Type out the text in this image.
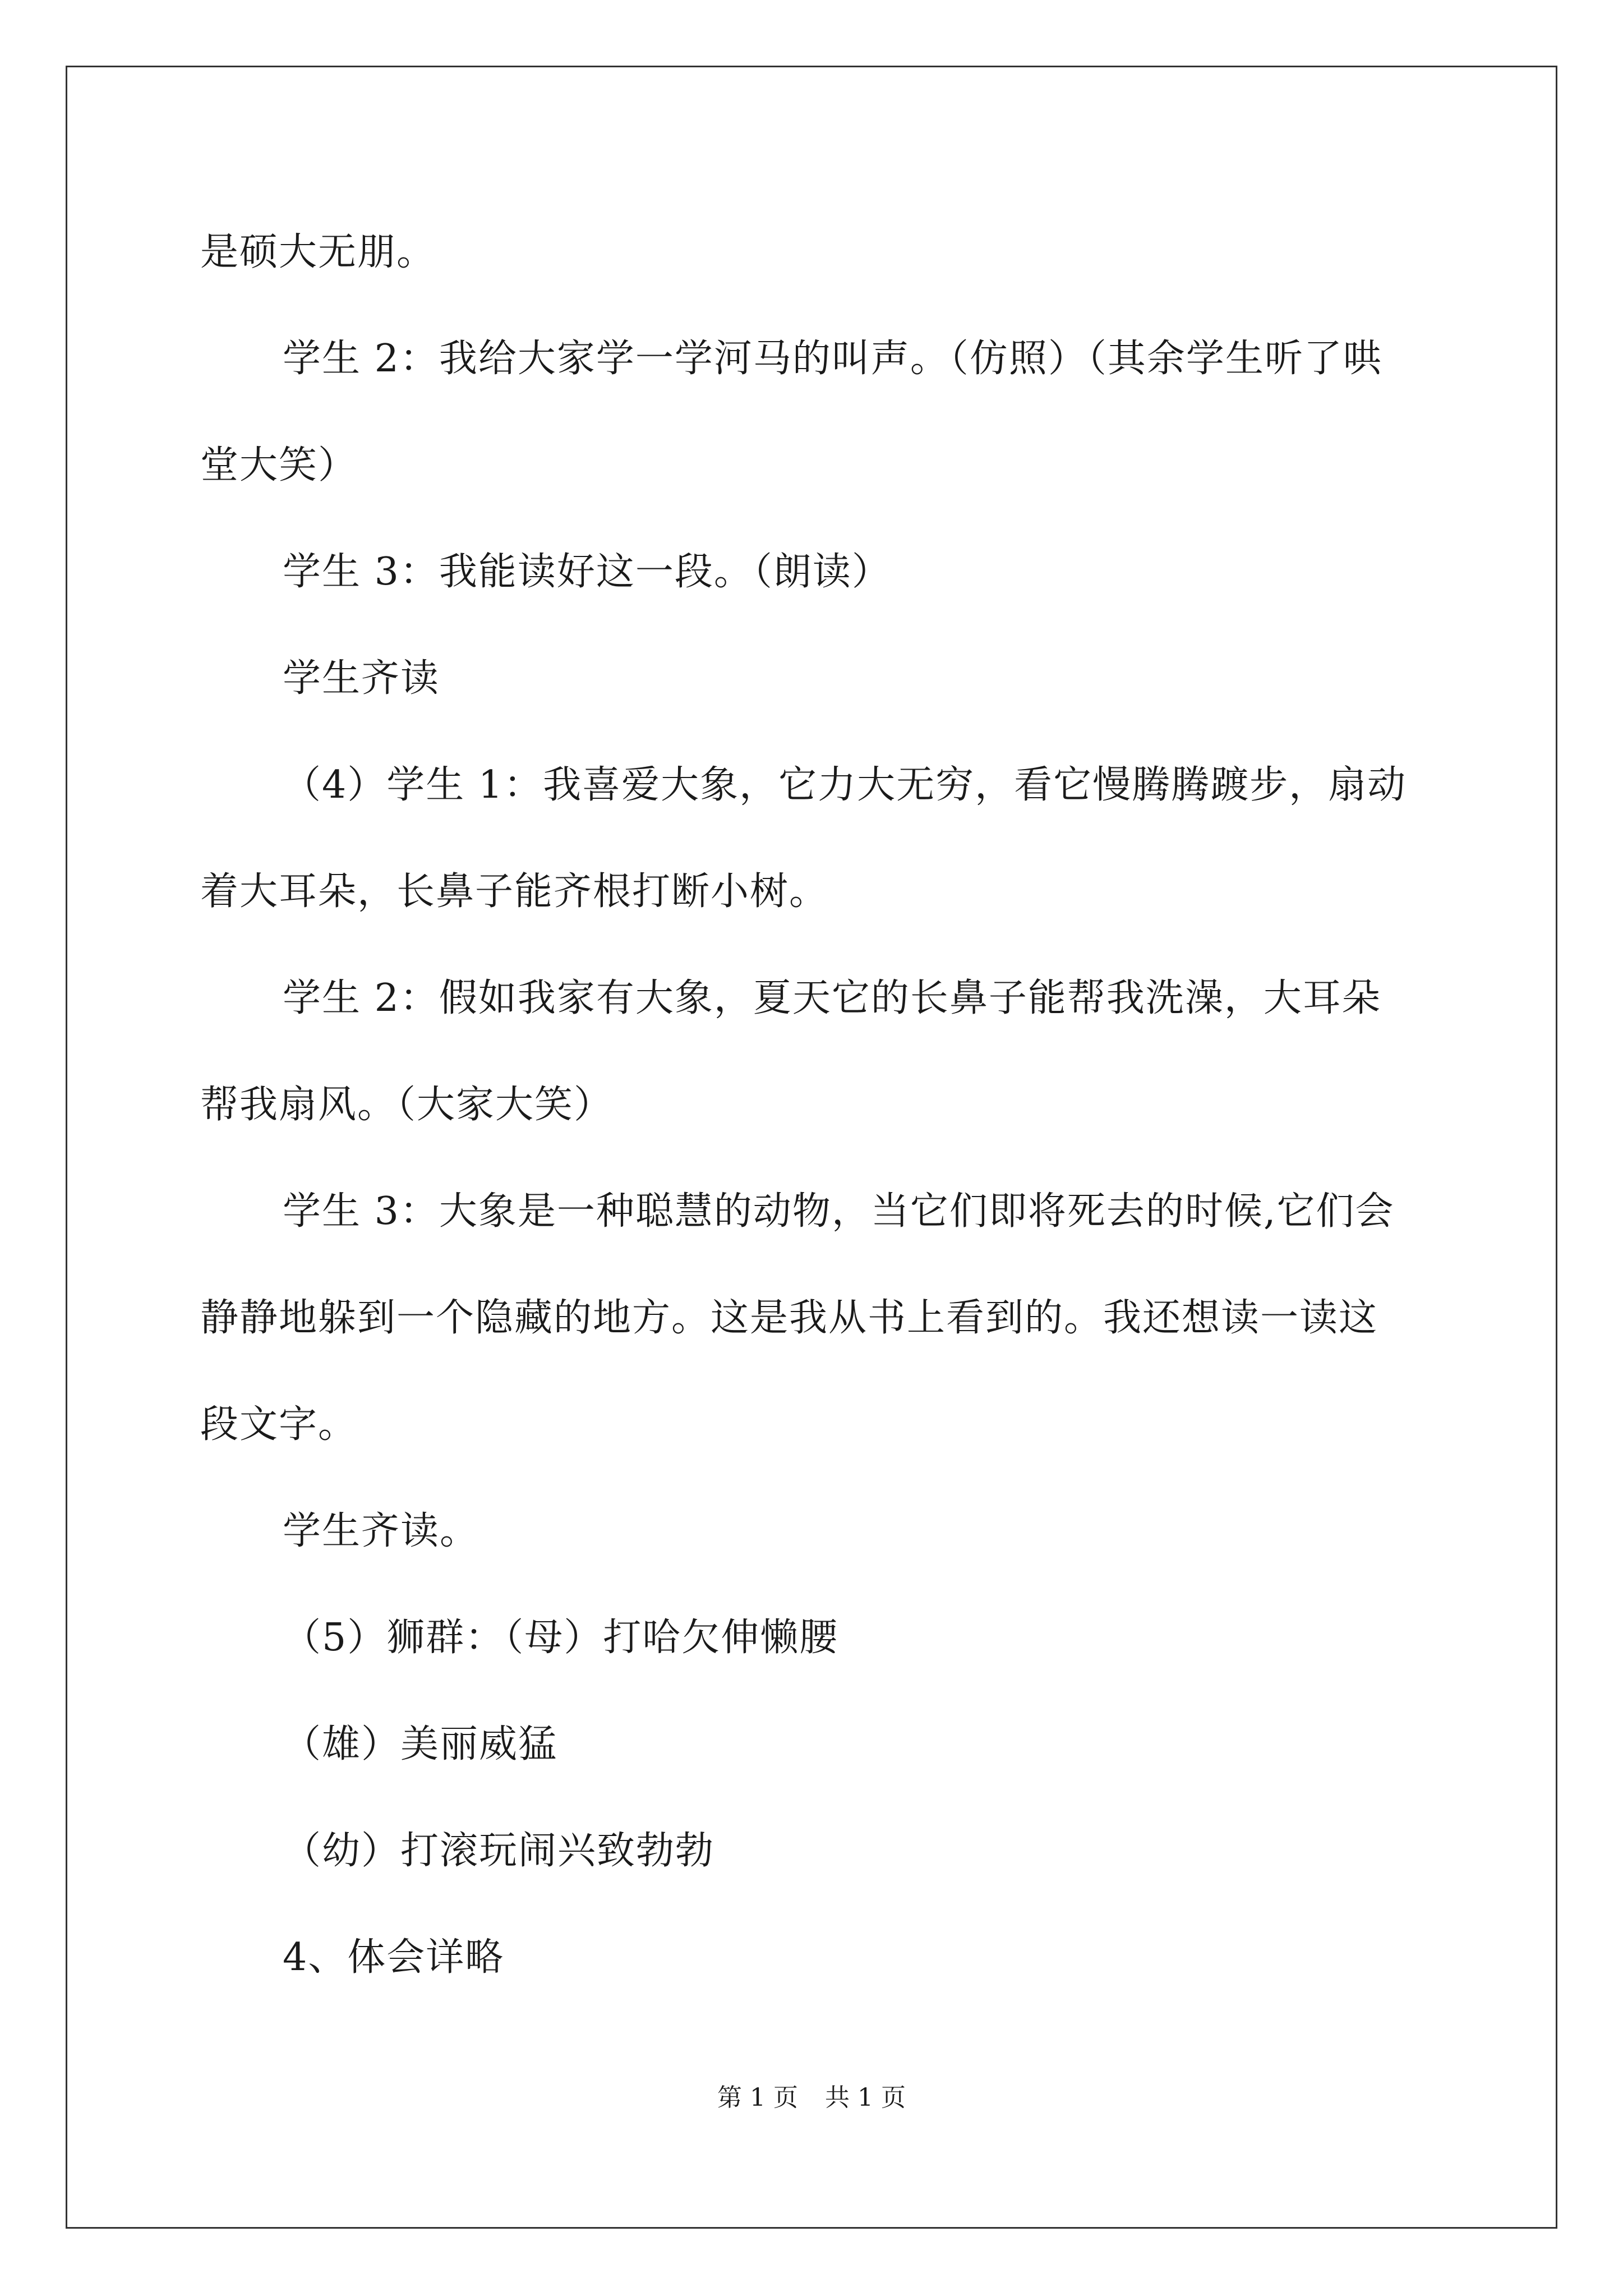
是硕大无朋。
学生 2：我给大家学一学河马的叫声。（仿照）（其余学生听了哄
堂大笑）
学生 3：我能读好这一段。（朗读）
学生齐读
（4）学生 1：我喜爱大象，它力大无穷，看它慢腾腾踱步，扇动
着大耳朵，长鼻子能齐根打断小树。
学生 2：假如我家有大象，夏天它的长鼻子能帮我洗澡，大耳朵
帮我扇风。（大家大笑）
学生 3：大象是一种聪慧的动物，当它们即将死去的时候,它们会
静静地躲到一个隐藏的地方。这是我从书上看到的。我还想读一读这
段文字。
学生齐读。
（5）狮群：（母）打哈欠伸懒腰
（雄）美丽威猛
（幼）打滚玩闹兴致勃勃
4、体会详略
第 1 页 共 1 页
